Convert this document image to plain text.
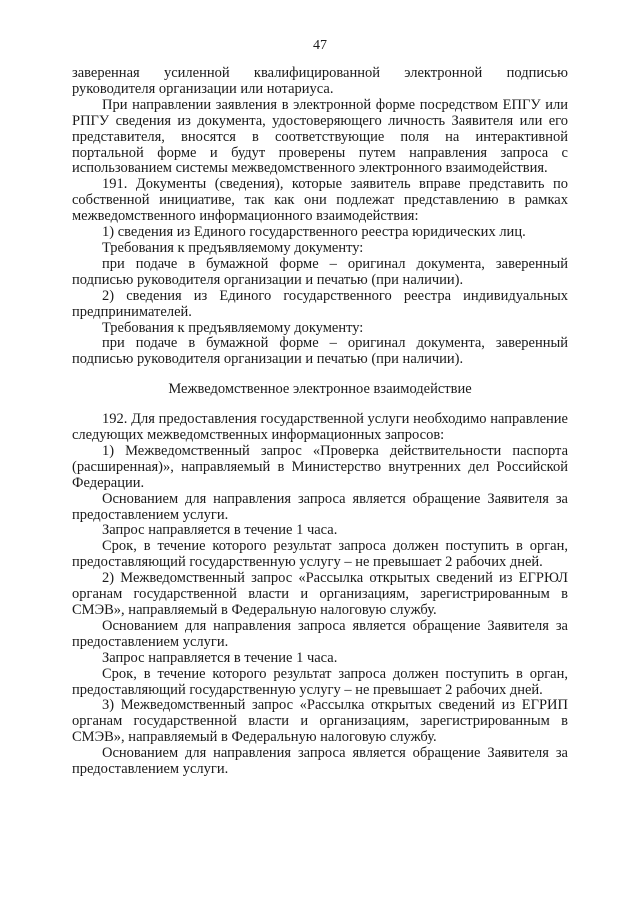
47

заверенная усиленной квалифицированной электронной подписью руководителя организации или нотариуса.

При направлении заявления в электронной форме посредством ЕПГУ или РПГУ сведения из документа, удостоверяющего личность Заявителя или его представителя, вносятся в соответствующие поля на интерактивной портальной форме и будут проверены путем направления запроса с использованием системы межведомственного электронного взаимодействия.

191. Документы (сведения), которые заявитель вправе представить по собственной инициативе, так как они подлежат представлению в рамках межведомственного информационного взаимодействия:

1) сведения из Единого государственного реестра юридических лиц.

Требования к предъявляемому документу:

при подаче в бумажной форме – оригинал документа, заверенный подписью руководителя организации и печатью (при наличии).

2) сведения из Единого государственного реестра индивидуальных предпринимателей.

Требования к предъявляемому документу:

при подаче в бумажной форме – оригинал документа, заверенный подписью руководителя организации и печатью (при наличии).

Межведомственное электронное взаимодействие

192. Для предоставления государственной услуги необходимо направление следующих межведомственных информационных запросов:

1) Межведомственный запрос «Проверка действительности паспорта (расширенная)», направляемый в Министерство внутренних дел Российской Федерации.

Основанием для направления запроса является обращение Заявителя за предоставлением услуги.

Запрос направляется в течение 1 часа.

Срок, в течение которого результат запроса должен поступить в орган, предоставляющий государственную услугу – не превышает 2 рабочих дней.

2) Межведомственный запрос «Рассылка открытых сведений из ЕГРЮЛ органам государственной власти и организациям, зарегистрированным в СМЭВ», направляемый в Федеральную налоговую службу.

Основанием для направления запроса является обращение Заявителя за предоставлением услуги.

Запрос направляется в течение 1 часа.

Срок, в течение которого результат запроса должен поступить в орган, предоставляющий государственную услугу – не превышает 2 рабочих дней.

3) Межведомственный запрос «Рассылка открытых сведений из ЕГРИП органам государственной власти и организациям, зарегистрированным в СМЭВ», направляемый в Федеральную налоговую службу.

Основанием для направления запроса является обращение Заявителя за предоставлением услуги.
